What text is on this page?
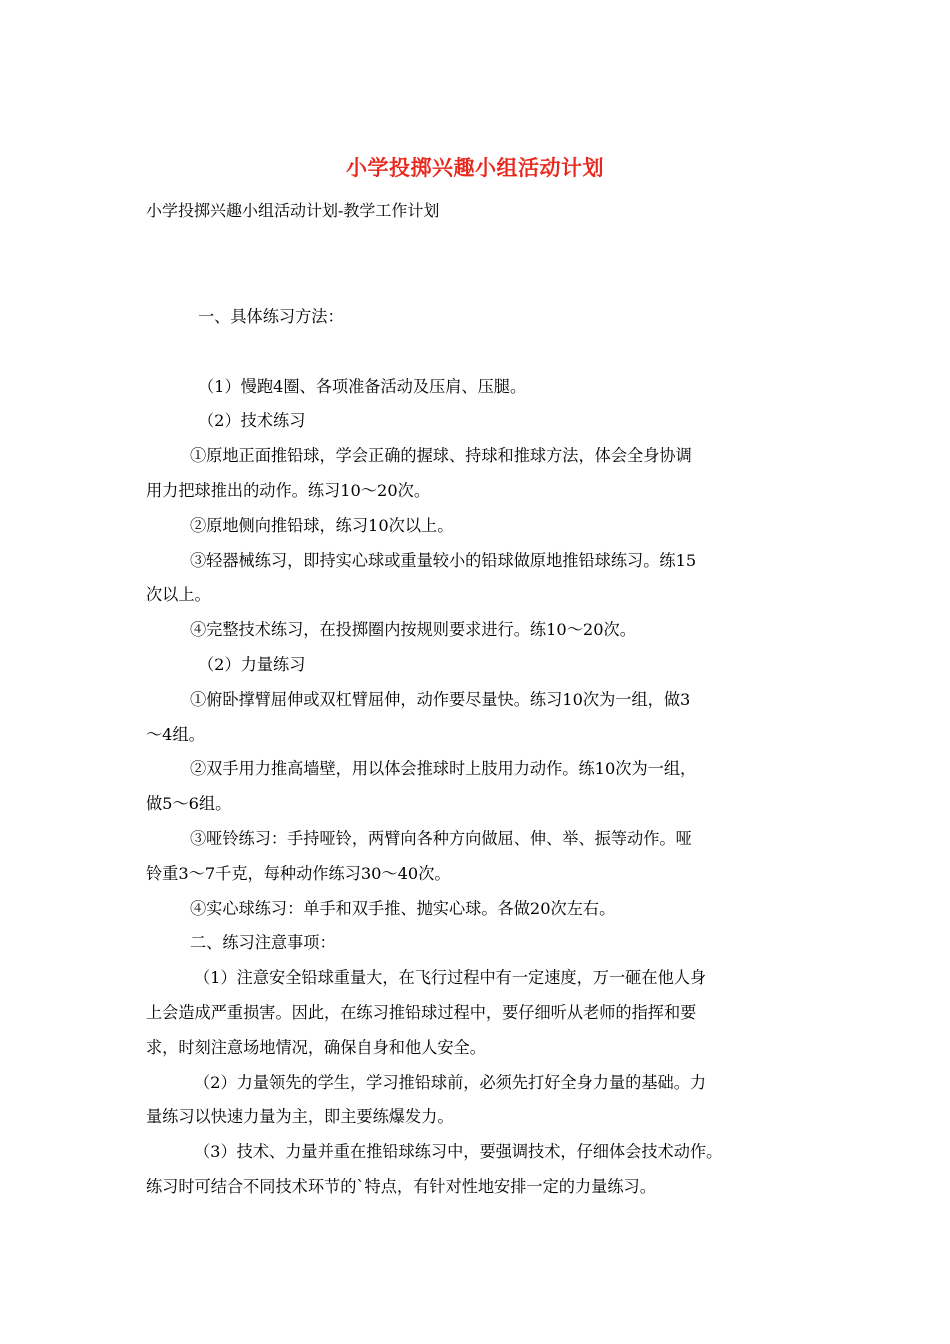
小学投掷兴趣小组活动计划
小学投掷兴趣小组活动计划-教学工作计划
一、具体练习方法：
（1）慢跑4圈、各项准备活动及压肩、压腿。
（2）技术练习
①原地正面推铅球，学会正确的握球、持球和推球方法，体会全身协调
用力把球推出的动作。练习10～20次。
②原地侧向推铅球，练习10次以上。
③轻器械练习，即持实心球或重量较小的铅球做原地推铅球练习。练15
次以上。
④完整技术练习，在投掷圈内按规则要求进行。练10～20次。
（2）力量练习
①俯卧撑臂屈伸或双杠臂屈伸，动作要尽量快。练习10次为一组，做3
～4组。
②双手用力推高墙壁，用以体会推球时上肢用力动作。练10次为一组，
做5～6组。
③哑铃练习：手持哑铃，两臂向各种方向做屈、伸、举、振等动作。哑
铃重3～7千克，每种动作练习30～40次。
④实心球练习：单手和双手推、抛实心球。各做20次左右。
二、练习注意事项：
（1）注意安全铅球重量大，在飞行过程中有一定速度，万一砸在他人身
上会造成严重损害。因此，在练习推铅球过程中，要仔细听从老师的指挥和要
求，时刻注意场地情况，确保自身和他人安全。
（2）力量领先的学生，学习推铅球前，必须先打好全身力量的基础。力
量练习以快速力量为主，即主要练爆发力。
（3）技术、力量并重在推铅球练习中，要强调技术，仔细体会技术动作。
练习时可结合不同技术环节的`特点，有针对性地安排一定的力量练习。
